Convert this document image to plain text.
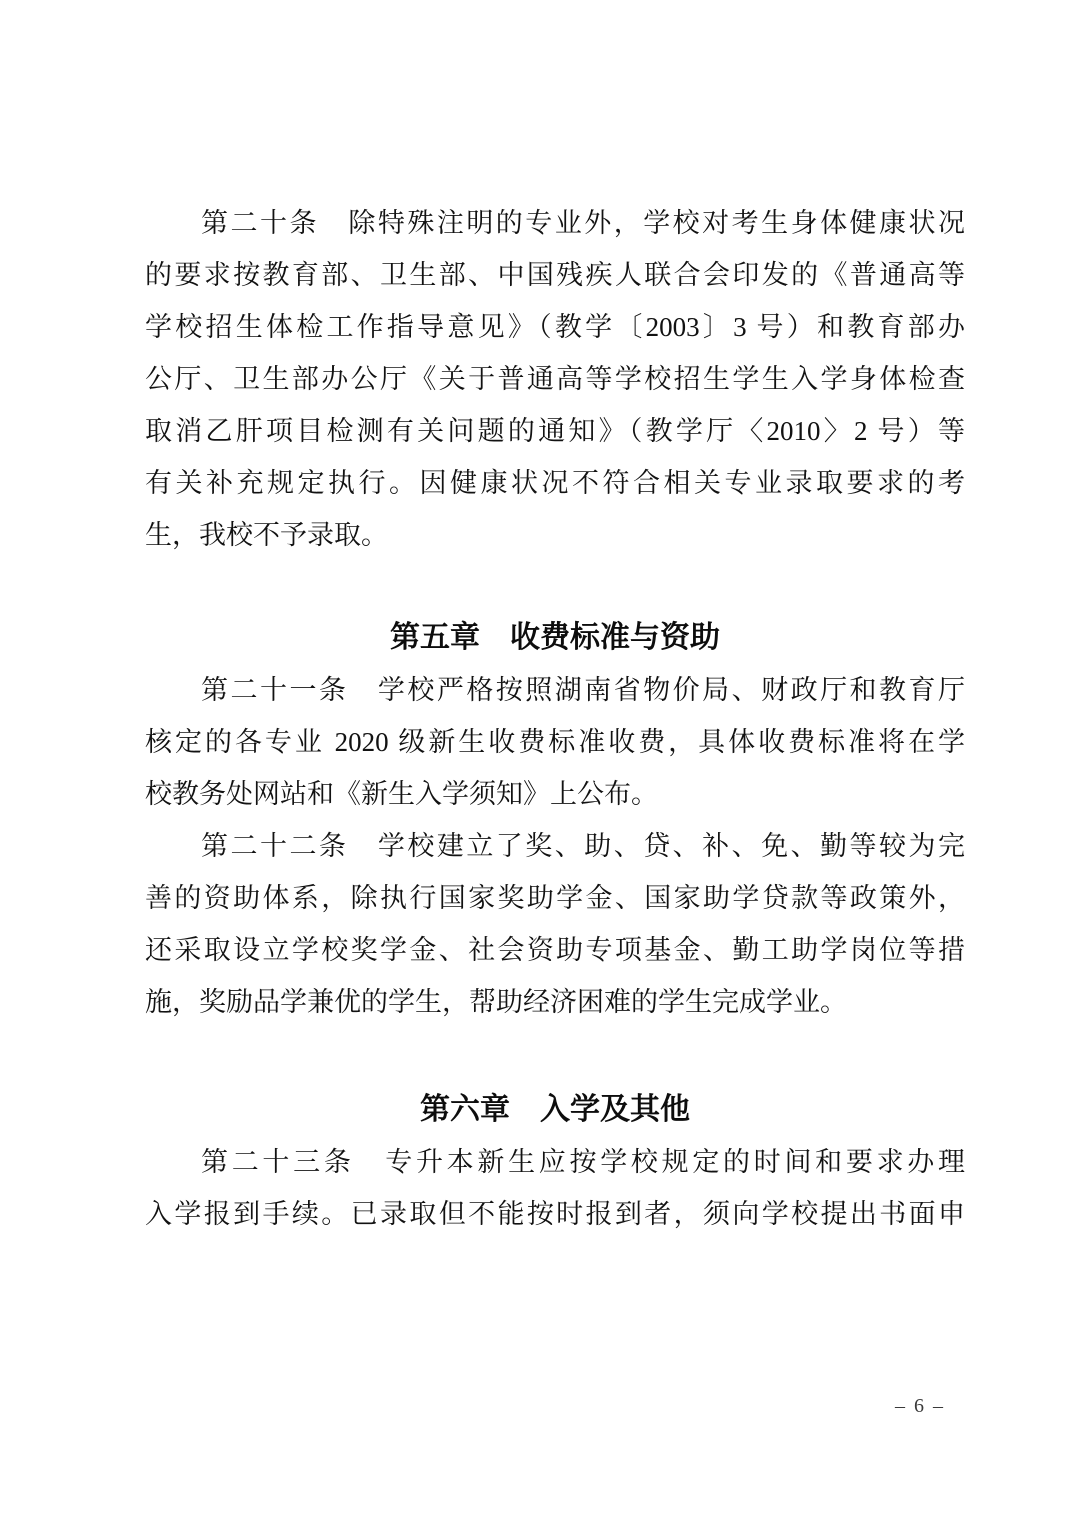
第二十条　除特殊注明的专业外，学校对考生身体健康状况
的要求按教育部、卫生部、中国残疾人联合会印发的《普通高等
学校招生体检工作指导意见》（教学〔2003〕3 号）和教育部办
公厅、卫生部办公厅《关于普通高等学校招生学生入学身体检查
取消乙肝项目检测有关问题的通知》（教学厅〈2010〉2 号）等
有关补充规定执行。因健康状况不符合相关专业录取要求的考
生，我校不予录取。
第五章　收费标准与资助
第二十一条　学校严格按照湖南省物价局、财政厅和教育厅
核定的各专业 2020 级新生收费标准收费，具体收费标准将在学
校教务处网站和《新生入学须知》上公布。
第二十二条　学校建立了奖、助、贷、补、免、勤等较为完
善的资助体系，除执行国家奖助学金、国家助学贷款等政策外，
还采取设立学校奖学金、社会资助专项基金、勤工助学岗位等措
施，奖励品学兼优的学生，帮助经济困难的学生完成学业。
第六章　入学及其他
第二十三条　专升本新生应按学校规定的时间和要求办理
入学报到手续。已录取但不能按时报到者，须向学校提出书面申
– 6 –
